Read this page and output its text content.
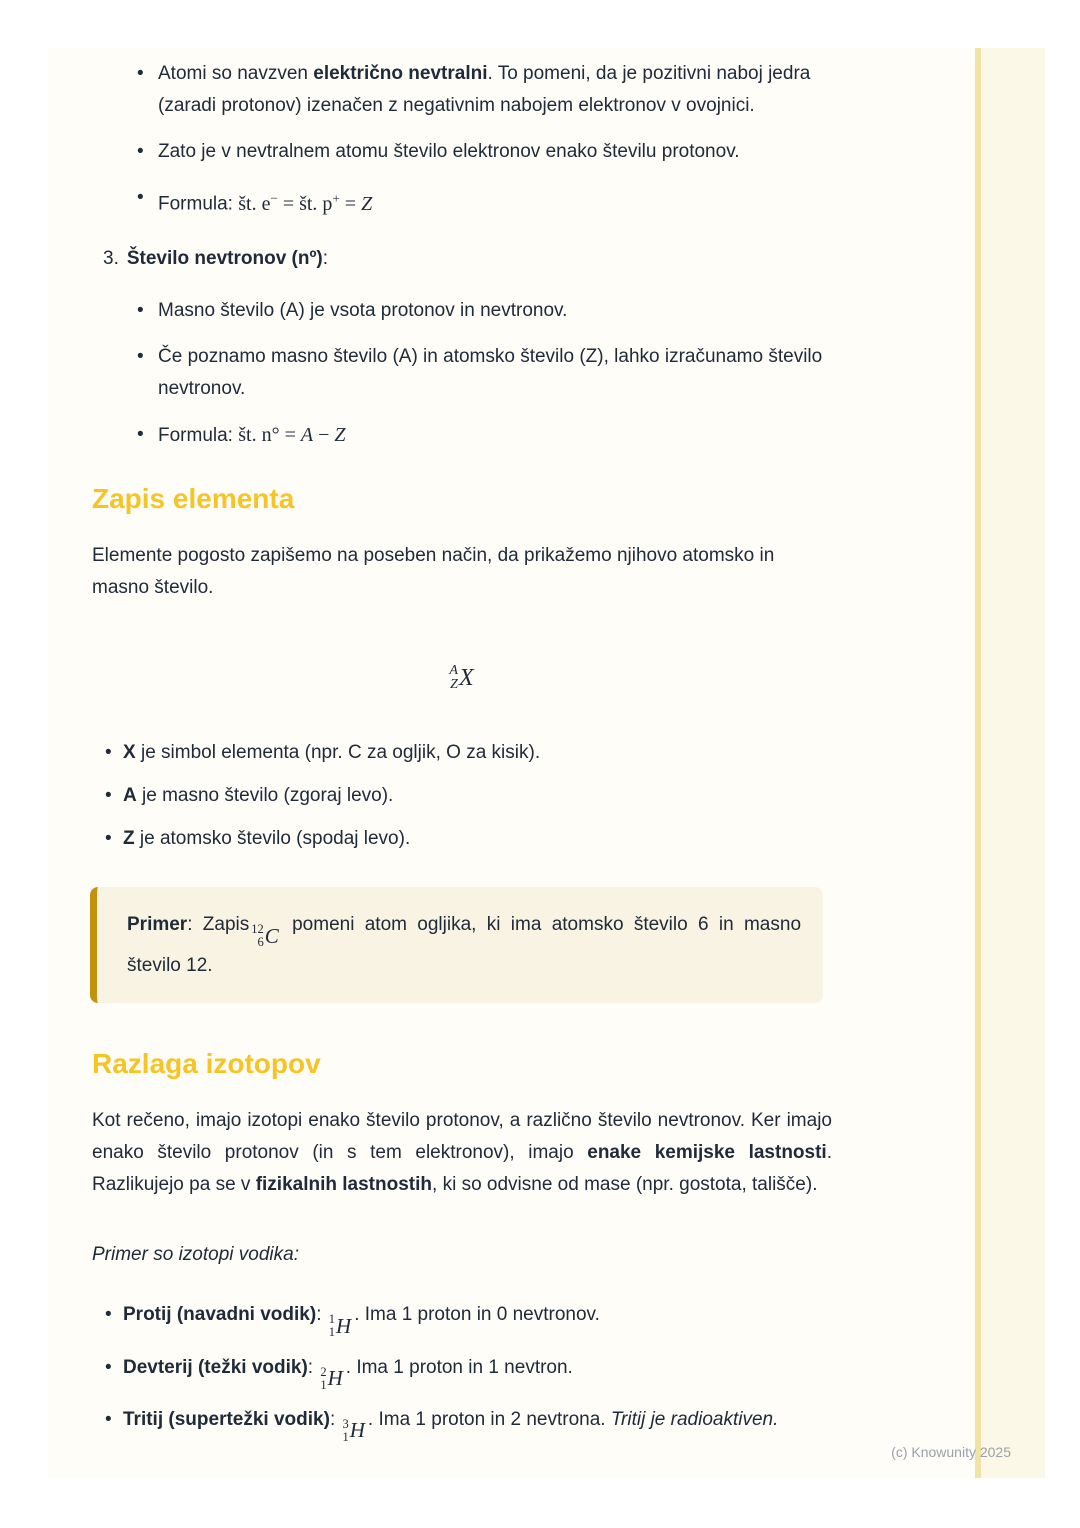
• Atomi so navzven električno nevtralni. To pomeni, da je pozitivni naboj jedra (zaradi protonov) izenačen z negativnim nabojem elektronov v ovojnici.
• Zato je v nevtralnem atomu število elektronov enako številu protonov.
• Formula: št. e− = št. p+ = Z
3. Število nevtronov (nº):
• Masno število (A) je vsota protonov in nevtronov.
• Če poznamo masno število (A) in atomsko število (Z), lahko izračunamo število nevtronov.
• Formula: št. n° = A − Z
Zapis elementa

Elemente pogosto zapišemo na poseben način, da prikažemo njihovo atomsko in masno število.

A
Z X
• X je simbol elementa (npr. C za ogljik, O za kisik).
• A je masno število (zgoraj levo).
• Z je atomsko število (spodaj levo).
Primer: Zapis 12
6 C pomeni atom ogljika, ki ima atomsko število 6 in masno število 12.
Razlaga izotopov

Kot rečeno, imajo izotopi enako število protonov, a različno število nevtronov. Ker imajo enako število protonov (in s tem elektronov), imajo enake kemijske lastnosti. Razlikujejo pa se v fizikalnih lastnostih, ki so odvisne od mase (npr. gostota, tališče).

Primer so izotopi vodika:

• Protij (navadni vodik): 1
1 H . Ima 1 proton in 0 nevtronov.
• Devterij (težki vodik): 2
1 H . Ima 1 proton in 1 nevtron.
• Tritij (supertežki vodik): 3
1 H . Ima 1 proton in 2 nevtrona. Tritij je radioaktiven.
(c) Knowunity 2025
